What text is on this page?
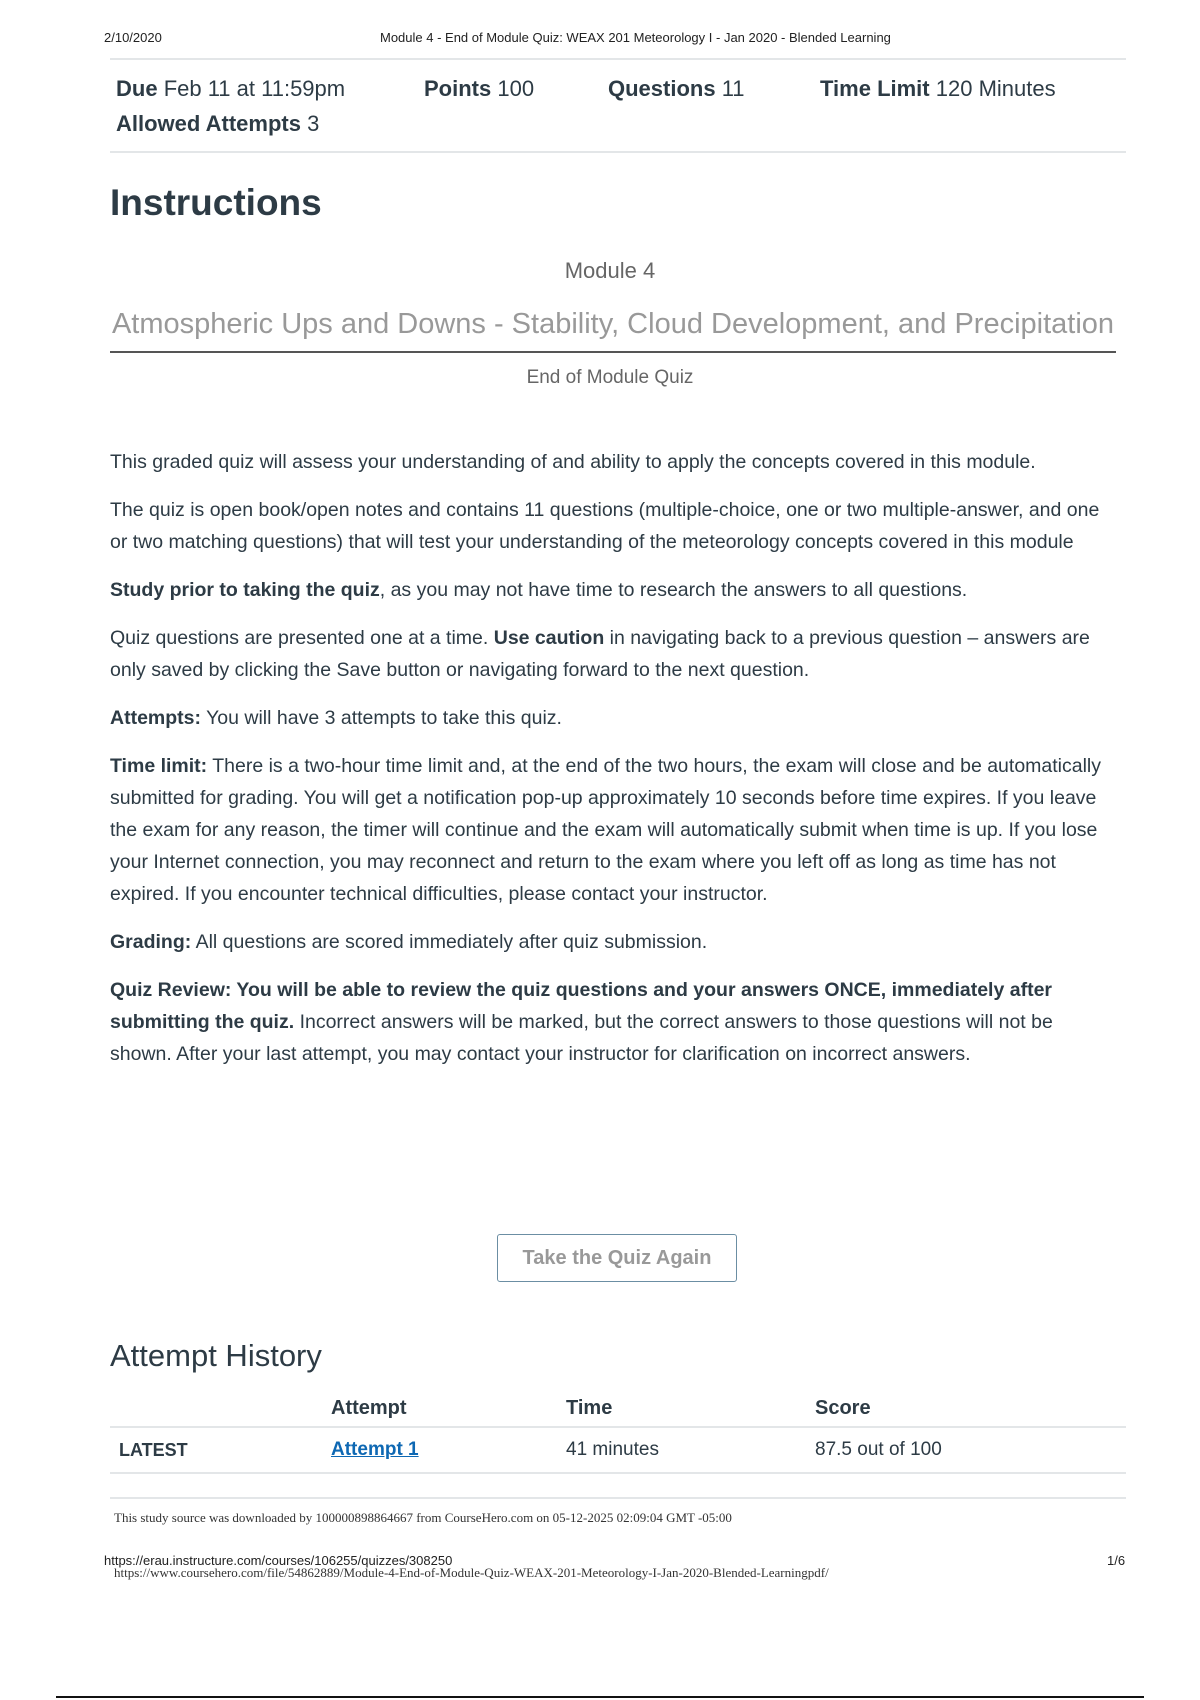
2/10/2020	Module 4 - End of Module Quiz: WEAX 201 Meteorology I - Jan 2020 - Blended Learning
Due Feb 11 at 11:59pm	Points 100	Questions 11	Time Limit 120 Minutes
Allowed Attempts 3
Instructions
Module 4
Atmospheric Ups and Downs - Stability, Cloud Development, and Precipitation
End of Module Quiz

This graded quiz will assess your understanding of and ability to apply the concepts covered in this module.

The quiz is open book/open notes and contains 11 questions (multiple-choice, one or two multiple-answer, and one or two matching questions) that will test your understanding of the meteorology concepts covered in this module

Study prior to taking the quiz, as you may not have time to research the answers to all questions.

Quiz questions are presented one at a time. Use caution in navigating back to a previous question – answers are only saved by clicking the Save button or navigating forward to the next question.

Attempts: You will have 3 attempts to take this quiz.

Time limit: There is a two-hour time limit and, at the end of the two hours, the exam will close and be automatically submitted for grading. You will get a notification pop-up approximately 10 seconds before time expires. If you leave the exam for any reason, the timer will continue and the exam will automatically submit when time is up. If you lose your Internet connection, you may reconnect and return to the exam where you left off as long as time has not expired. If you encounter technical difficulties, please contact your instructor.

Grading: All questions are scored immediately after quiz submission.

Quiz Review: You will be able to review the quiz questions and your answers ONCE, immediately after submitting the quiz. Incorrect answers will be marked, but the correct answers to those questions will not be shown. After your last attempt, you may contact your instructor for clarification on incorrect answers.

Take the Quiz Again
Attempt History
	Attempt	Time	Score
LATEST	Attempt 1	41 minutes	87.5 out of 100
This study source was downloaded by 100000898864667 from CourseHero.com on 05-12-2025 02:09:04 GMT -05:00
https://erau.instructure.com/courses/106255/quizzes/308250
https://www.coursehero.com/file/54862889/Module-4-End-of-Module-Quiz-WEAX-201-Meteorology-I-Jan-2020-Blended-Learningpdf/
1/6
